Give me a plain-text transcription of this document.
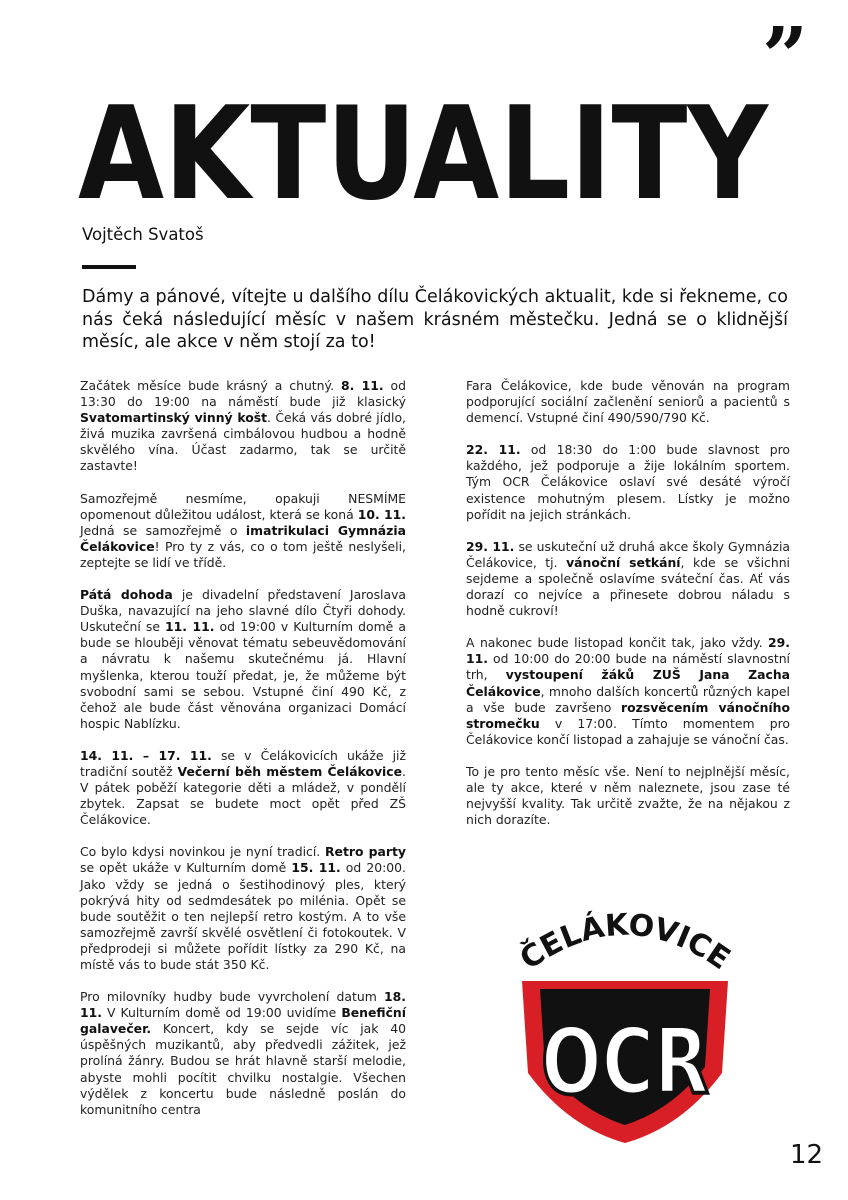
”
AKTUALITY
Vojtěch Svatoš
Dámy a pánové, vítejte u dalšího dílu Čelákovických aktualit, kde si řekneme, co nás čeká následující měsíc v našem krásném městečku. Jedná se o klidnější měsíc, ale akce v něm stojí za to!

Začátek měsíce bude krásný a chutný. 8. 11. od 13:30 do 19:00 na náměstí bude již klasický Svatomartinský vinný košt. Čeká vás dobré jídlo, živá muzika završená cimbálovou hudbou a hodně skvělého vína. Účast zadarmo, tak se určitě zastavte!

Samozřejmě nesmíme, opakuji NESMÍME opomenout důležitou událost, která se koná 10. 11. Jedná se samozřejmě o imatrikulaci Gymnázia Čelákovice! Pro ty z vás, co o tom ještě neslyšeli, zeptejte se lidí ve třídě.

Pátá dohoda je divadelní představení Jaroslava Duška, navazující na jeho slavné dílo Čtyři dohody. Uskuteční se 11. 11. od 19:00 v Kulturním domě a bude se hlouběji věnovat tématu sebeuvědomování a návratu k našemu skutečnému já. Hlavní myšlenka, kterou touží předat, je, že můžeme být svobodní sami se sebou. Vstupné činí 490 Kč, z čehož ale bude část věnována organizaci Domácí hospic Nablízku.

14. 11. – 17. 11. se v Čelákovicích ukáže již tradiční soutěž Večerní běh městem Čelákovice. V pátek poběží kategorie děti a mládež, v pondělí zbytek. Zapsat se budete moct opět před ZŠ Čelákovice.

Co bylo kdysi novinkou je nyní tradicí. Retro party se opět ukáže v Kulturním domě 15. 11. od 20:00. Jako vždy se jedná o šestihodinový ples, který pokrývá hity od sedmdesátek po milénia. Opět se bude soutěžit o ten nejlepší retro kostým. A to vše samozřejmě završí skvělé osvětlení či fotokoutek. V předprodeji si můžete pořídit lístky za 290 Kč, na místě vás to bude stát 350 Kč.

Pro milovníky hudby bude vyvrcholení datum 18. 11. V Kulturním domě od 19:00 uvidíme Benefiční galavečer. Koncert, kdy se sejde víc jak 40 úspěšných muzikantů, aby předvedli zážitek, jež prolíná žánry. Budou se hrát hlavně starší melodie, abyste mohli pocítit chvilku nostalgie. Všechen výdělek z koncertu bude následně poslán do komunitního centra

Fara Čelákovice, kde bude věnován na program podporující sociální začlenění seniorů a pacientů s demencí. Vstupné činí 490/590/790 Kč.

22. 11. od 18:30 do 1:00 bude slavnost pro každého, jež podporuje a žije lokálním sportem. Tým OCR Čelákovice oslaví své desáté výročí existence mohutným plesem. Lístky je možno pořídit na jejich stránkách.

29. 11. se uskuteční už druhá akce školy Gymnázia Čelákovice, tj. vánoční setkání, kde se všichni sejdeme a společně oslavíme sváteční čas. Ať vás dorazí co nejvíce a přinesete dobrou náladu s hodně cukroví!

A nakonec bude listopad končit tak, jako vždy. 29. 11. od 10:00 do 20:00 bude na náměstí slavnostní trh, vystoupení žáků ZUŠ Jana Zacha Čelákovice, mnoho dalších koncertů různých kapel a vše bude završeno rozsvěcením vánočního stromečku v 17:00. Tímto momentem pro Čelákovice končí listopad a zahajuje se vánoční čas.

To je pro tento měsíc vše. Není to nejplnější měsíc, ale ty akce, které v něm naleznete, jsou zase té nejvyšší kvality. Tak určitě zvažte, že na nějakou z nich dorazíte.

ČELÁKOVICE
OCR
12
